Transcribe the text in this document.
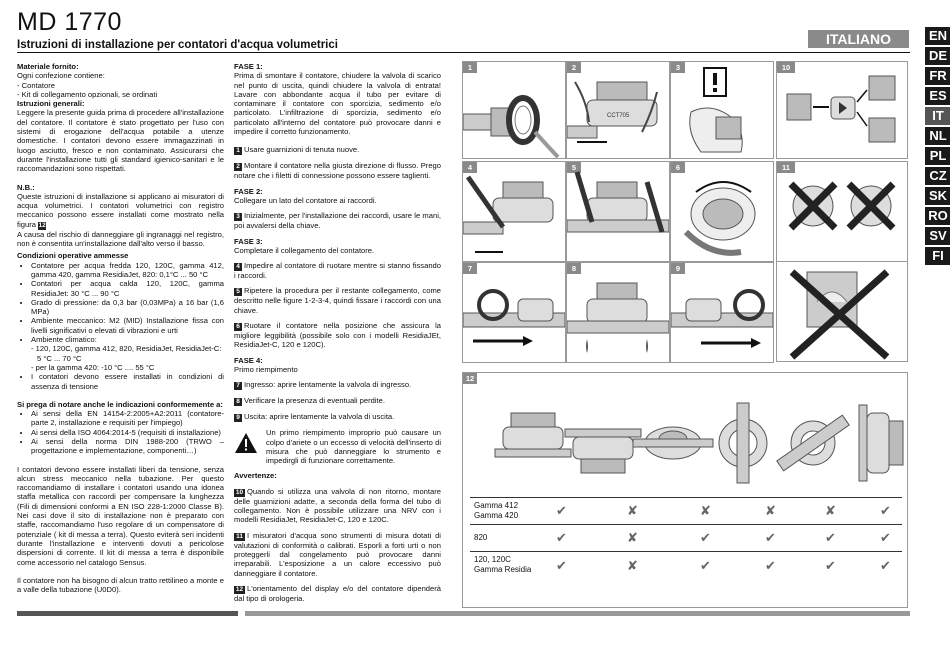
MD 1770
Istruzioni di installazione per contatori d'acqua volumetrici	ITALIANO	EN
DE
FR
ES
IT
NL
PL
CZ
SK
RO
SV
FI

Materiale fornito:

Ogni confezione contiene:

- Contatore

- Kit di collegamento opzionali, se ordinati

Istruzioni generali:

Leggere la presente guida prima di procedere all'installazione del contatore. Il contatore è stato progettato per l'uso con sistemi di erogazione dell'acqua potabile a utenze domestiche. I contatori devono essere immagazzinati in luogo asciutto, fresco e non contaminato. Assicurarsi che durante l'installazione tutti gli standard igienico-sanitari e le raccomandazioni sono rispettati.

N.B.:

Queste istruzioni di installazione si applicano ai misuratori di acqua volumetrici. I contatori volumetrici con registro meccanico possono essere installati come mostrato nella figura 12

A causa del rischio di danneggiare gli ingranaggi nel registro, non è consentita un'installazione dall'alto verso il basso.

Condizioni operative ammesse

• Contatore per acqua fredda 120, 120C, gamma 412, gamma 420, gamma ResidiaJet, 820: 0,1°C ... 50 °C
• Contatori per acqua calda 120, 120C, gamma ResidiaJet: 30 °C ... 90 °C
• Grado di pressione: da 0,3 bar (0,03MPa) a 16 bar (1,6 MPa)
• Ambiente meccanico: M2 (MID) Installazione fissa con livelli significativi o elevati di vibrazioni e urti
• Ambiente climatico:

- 120, 120C, gamma 412, 820, ResidiaJet, ResidiaJet-C:

5 °C ... 70 °C

- per la gamma 420: -10 °C .... 55 °C

• I contatori devono essere installati in condizioni di assenza di tensione

Si prega di notare anche le indicazioni conformemente a:

• Ai sensi della EN 14154-2:2005+A2:2011 (contatore-parte 2, installazione e requisiti per l'impiego)
• Ai sensi della ISO 4064:2014-5 (requisiti di installazione)
• Ai sensi della norma DIN 1988-200 (TRWO – progettazione e implementazione, componenti…)

I contatori devono essere installati liberi da tensione, senza alcun stress meccanico nella tubazione. Per questo raccomandiamo di installare i contatori usando una idonea staffa metallica con raccordi per compensare la lunghezza (Fili di dimensioni conformi a EN ISO 228-1:2000 Classe B). Nei casi dove il sito di installazione non è preparato con staffe, raccomandiamo l'uso regolare di un compensatore di potenziale ( kit di messa a terra). Questo eviterà seri incidenti durante l'installazione e interventi dovuti a pericolose dispersioni di corrente. Il kit di messa a terra è disponibile come accessorio nel catalogo Sensus.

Il contatore non ha bisogno di alcun tratto rettilineo a monte e a valle della tubazione (U0D0).

FASE 1:

Prima di smontare il contatore, chiudere la valvola di scarico nel punto di uscita, quindi chiudere la valvola di entrata! Lavare con abbondante acqua il tubo per evitare di contaminare il contatore con sporcizia, sedimento e/o particolato. L'infiltrazione di sporcizia, sedimento e/o particolato all'interno del contatore può provocare danni e impedire il corretto funzionamento.

1 Usare guarnizioni di tenuta nuove.

2 Montare il contatore nella giusta direzione di flusso. Prego notare che i filetti di connessione possono essere taglienti.

FASE 2:

Collegare un lato del contatore ai raccordi.

3 Inizialmente, per l'installazione dei raccordi, usare le mani, poi avvalersi della chiave.

FASE 3:

Completare il collegamento del contatore.

4 Impedire al contatore di ruotare mentre si stanno fissando i raccordi.

5 Ripetere la procedura per il restante collegamento, come descritto nelle figure 1-2-3-4, quindi fissare i raccordi con una chiave.

6 Ruotare il contatore nella posizione che assicura la migliore leggibilità (possibile solo con i modelli ResidiaJEt, ResidiaJet-C, 120 e 120C).

FASE 4:

Primo riempimento

7 Ingresso: aprire lentamente la valvola di ingresso.

8 Verificare la presenza di eventuali perdite.

9 Uscita: aprire lentamente la valvola di uscita.

Un primo riempimento improprio può causare un colpo d'ariete o un eccesso di velocità dell'inserto di misura che può danneggiare lo strumento e impedirgli di funzionare correttamente.

Avvertenze:

10 Quando si utilizza una valvola di non ritorno, montare delle guarnizioni adatte, a seconda della forma del tubo di collegamento. Non è possibile utilizzare una NRV con i modelli ResidiaJet, ResidiaJet-C, 120 e 120C.

11 I misuratori d'acqua sono strumenti di misura dotati di valutazioni di conformità o calibrati. Esporli a forti urti o non proteggerli dal congelamento può provocare danni irreparabili. L'esposizione a un calore eccessivo può danneggiare il contatore.

12 L'orientamento del display e/o del contatore dipenderà dal tipo di orologeria.

1	2
CCT705
3	10
4	5	6	11
7	8	9
12
Gamma 412
Gamma 420	✔	✘	✘	✘	✘	✔
820	✔	✘	✔	✔	✔	✔
120, 120C
Gamma Residia ✔	✘	✔	✔	✔	✔
